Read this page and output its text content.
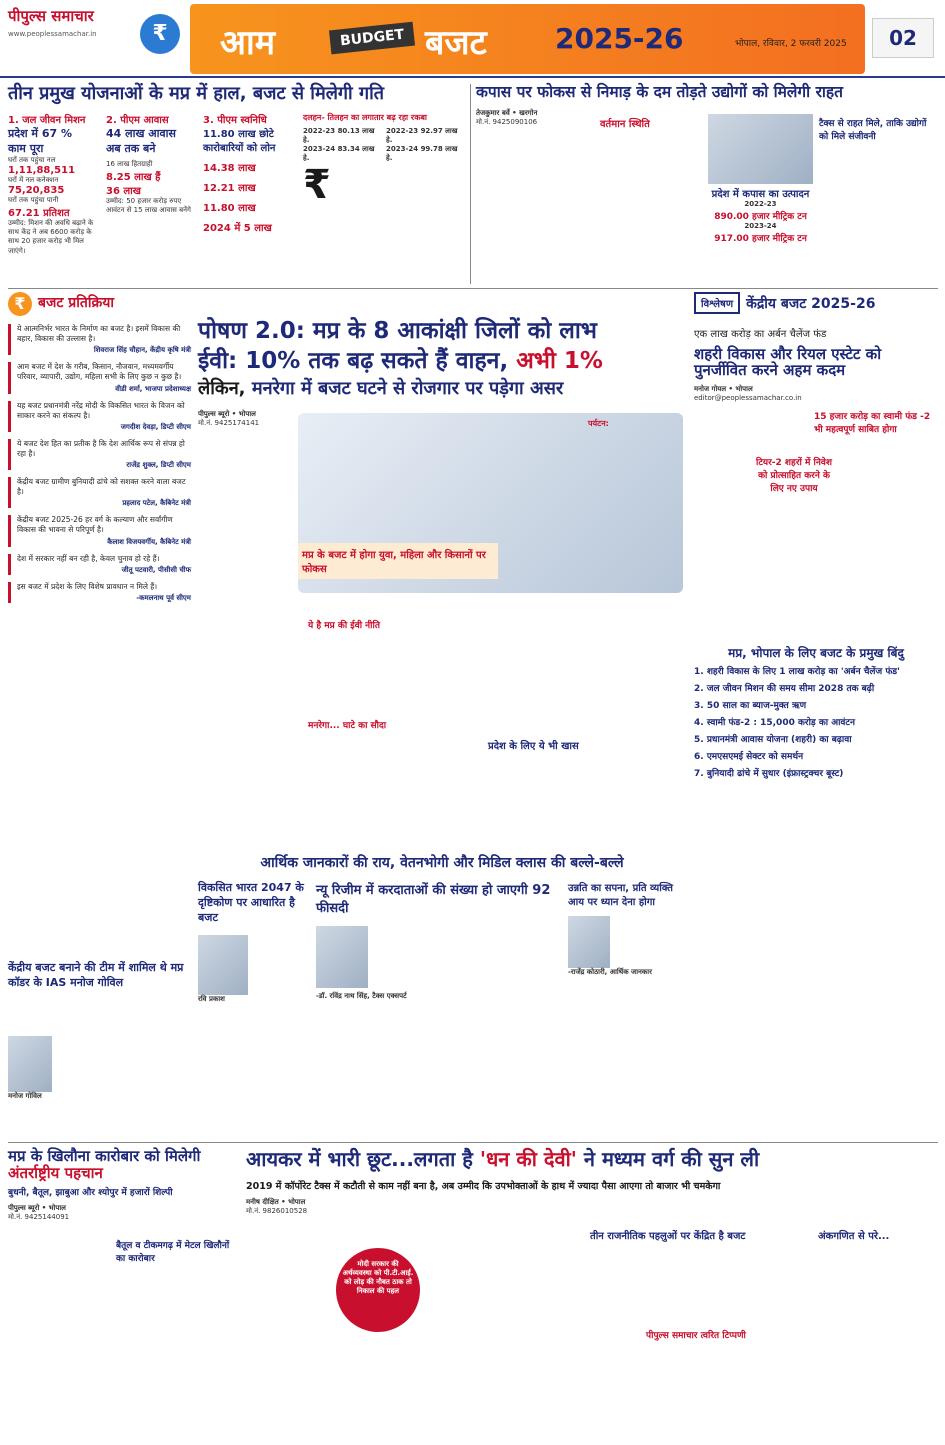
पीपुल्स समाचार
www.peoplessamachar.in	₹	आम	BUDGET बजट 2025-26	भोपाल, रविवार, 2 फरवरी 2025	02
तीन प्रमुख योजनाओं के मप्र में हाल, बजट से मिलेगी गति
1. जल जीवन मिशन
प्रदेश में 67 %
काम पूरा
घरों तक पहुंचा नल
1,11,88,511
घरों में नल कनेक्शन
75,20,835
घरों तक पहुंचा पानी
67.21 प्रतिशत
उम्मीद: मिशन की अवधि बढ़ाने के साथ केंद्र ने अब 6600 करोड़ के साथ 20 हजार करोड़ भी मिल जाएंगे।
2. पीएम आवास
44 लाख आवास
अब तक बने
16 लाख हितग्राही
8.25 लाख हैं
36 लाख
उम्मीद: 50 हजार करोड़ रुपए आवंटन से 15 लाख आवास बनेंगे
3. पीएम स्वनिधि
11.80 लाख छोटे
कारोबारियों को लोन
14.38 लाख
12.21 लाख
11.80 लाख
2024 में 5 लाख
दलहन- तिलहन का लगातार बढ़ रहा रकबा
2022-23 80.13 लाख हे.
2023-24 83.34 लाख हे.
2022-23 92.97 लाख हे.
2023-24 99.78 लाख हे.
₹
कपास पर फोकस से निमाड़ के दम तोड़ते उद्योगों को मिलेगी राहत
तेजकुमार बर्वे • खरगोन
मो.नं. 9425090106	वर्तमान स्थिति
प्रदेश में कपास का उत्पादन
2022-23
890.00 हजार मीट्रिक टन
2023-24
917.00 हजार मीट्रिक टन
टैक्स से राहत मिले, ताकि उद्योगों को मिले संजीवनी
₹ बजट प्रतिक्रिया

ये आत्मनिर्भर भारत के निर्माण का बजट है। इसमें विकास की बहार, विकास की उल्लास है।

शिवराज सिंह चौहान, केंद्रीय कृषि मंत्री

आम बजट में देश के गरीब, किसान, नौजवान, मध्यमवर्गीय परिवार, व्यापारी, उद्योग, महिला सभी के लिए कुछ न कुछ है।

वीडी शर्मा, भाजपा प्रदेशाध्यक्ष

यह बजट प्रधानमंत्री नरेंद्र मोदी के विकसित भारत के विजन को साकार करने का संकल्प है।

जगदीश देवड़ा, डिप्टी सीएम

ये बजट देश हित का प्रतीक है कि देश आर्थिक रूप से संपन्न हो रहा है।

राजेंद्र शुक्ल, डिप्टी सीएम

केंद्रीय बजट ग्रामीण बुनियादी ढांचे को सशक्त करने वाला बजट है।

प्रहलाद पटेल, कैबिनेट मंत्री

केंद्रीय बजट 2025-26 हर वर्ग के कल्याण और सर्वांगीण विकास की भावना से परिपूर्ण है।

कैलाश विजयवर्गीय, कैबिनेट मंत्री

देश में सरकार नहीं बन रही है, केवल चुनाव हो रहे हैं।

जीतू पटवारी, पीसीसी चीफ

इस बजट में प्रदेश के लिए विशेष प्रावधान न मिले हैं।

-कमलनाथ पूर्व सीएम
पोषण 2.0: मप्र के 8 आकांक्षी जिलों को लाभ
ईवी: 10% तक बढ़ सकते हैं वाहन, अभी 1%
लेकिन, मनरेगा में बजट घटने से रोजगार पर पड़ेगा असर
पीपुल्स ब्यूरो • भोपाल
मो.नं. 9425174141	पर्यटन:
मप्र के बजट में होगा युवा, महिला और किसानों पर फोकस
ये है मप्र की ईवी नीति
मनरेगा... घाटे का सौदा
प्रदेश के लिए ये भी खास
विश्लेषण केंद्रीय बजट 2025-26
एक लाख करोड़ का अर्बन चैलेंज फंड
शहरी विकास और रियल एस्टेट को पुनर्जीवित करने अहम कदम
मनोज गोयल • भोपाल
editor@peoplessamachar.co.in
15 हजार करोड़ का स्वामी फंड -2 भी महत्वपूर्ण साबित होगा
टियर-2 शहरों में निवेश को प्रोत्साहित करने के लिए नए उपाय
मप्र, भोपाल के लिए बजट के प्रमुख बिंदु
1. शहरी विकास के लिए 1 लाख करोड़ का 'अर्बन चैलेंज फंड'
2. जल जीवन मिशन की समय सीमा 2028 तक बढ़ी
3. 50 साल का ब्याज-मुक्त ऋण
4. स्वामी फंड-2 : 15,000 करोड़ का आवंटन
5. प्रधानमंत्री आवास योजना (शहरी) का बढ़ावा
6. एमएसएमई सेक्टर को समर्थन
7. बुनियादी ढांचे में सुधार (इंफ्रास्ट्रक्चर बूस्ट)
आर्थिक जानकारों की राय, वेतनभोगी और मिडिल क्लास की बल्ले-बल्ले
विकसित भारत 2047 के दृष्टिकोण पर आधारित है बजट
रवि प्रकाश
न्यू रिजीम में करदाताओं की संख्या हो जाएगी 92 फीसदी
-डॉ. रविंद्र नाथ सिंह, टैक्स एक्सपर्ट
उन्नति का सपना, प्रति व्यक्ति आय पर ध्यान देना होगा
-राजेंद्र कोठारी, आर्थिक जानकार
केंद्रीय बजट बनाने की टीम में शामिल थे मप्र कॉडर के IAS मनोज गोविल
मनोज गोविल
मप्र के खिलौना कारोबार को मिलेगी
अंतर्राष्ट्रीय पहचान
बुधनी, बैतूल, झाबुआ और श्योपुर में हजारों शिल्पी
पीपुल्स ब्यूरो • भोपाल
मो.नं. 9425144091
बैतूल व टीकमगढ़ में मेटल खिलौनों का कारोबार
आयकर में भारी छूट...लगता है 'धन की देवी' ने मध्यम वर्ग की सुन ली
2019 में कॉर्पोरेट टैक्स में कटौती से काम नहीं बना है, अब उम्मीद कि उपभोक्ताओं के हाथ में ज्यादा पैसा आएगा तो बाजार भी चमकेगा
मनीष दीक्षित • भोपाल
मो.नं. 9826010528
मोदी सरकार की अर्थव्यवस्था को पी.टी.आई. को लोड़ की नौबत ठाक तो निकाल की पहल
तीन राजनीतिक पहलुओं पर केंद्रित है बजट
पीपुल्स समाचार त्वरित टिप्पणी
अंकगणित से परे...
